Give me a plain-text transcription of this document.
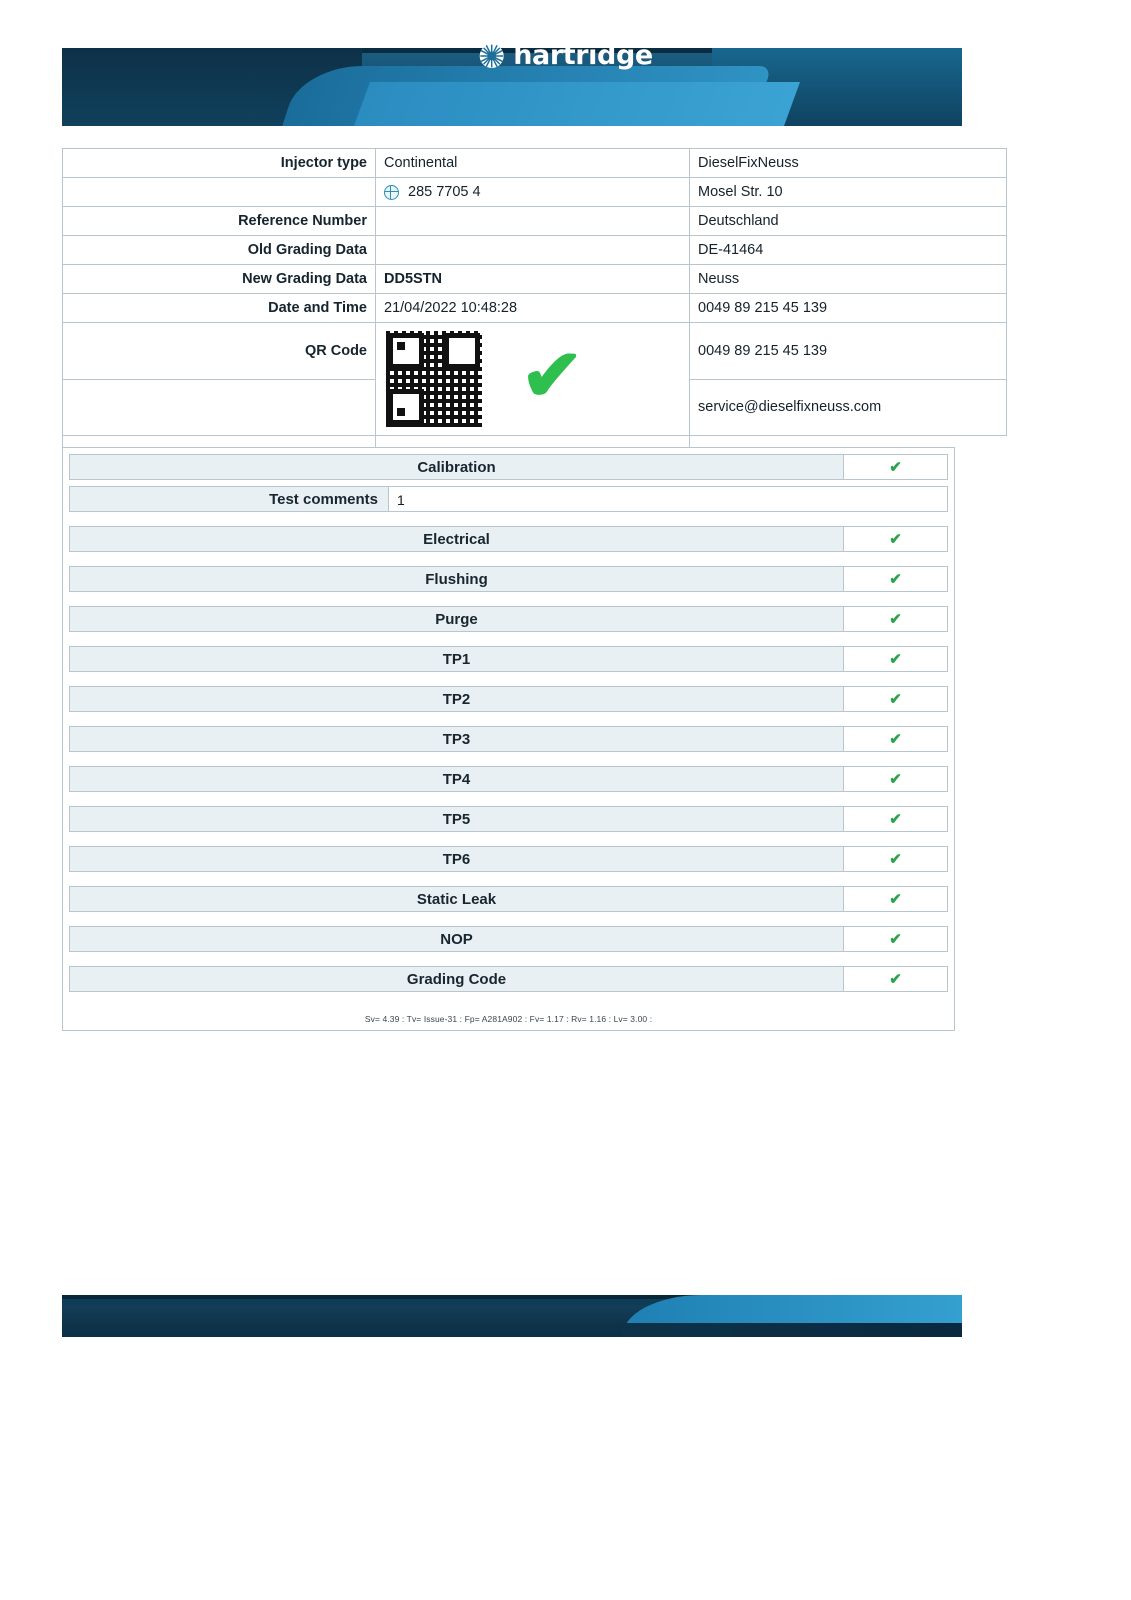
hartridge
Injector type	Continental	DieselFixNeuss

	285 7705 4	Mosel Str. 10
Reference Number		Deutschland
Old Grading Data		DE-41464
New Grading Data	DD5STN	Neuss
Date and Time	21/04/2022 10:48:28	0049 89 215 45 139
QR Code	✔	0049 89 215 45 139
		service@dieselfixneuss.com

Calibration	✔
Test comments	1
Electrical	✔
Flushing	✔
Purge	✔
TP1	✔
TP2	✔
TP3	✔
TP4	✔
TP5	✔
TP6	✔
Static Leak	✔
NOP	✔
Grading Code	✔
Sv= 4.39 : Tv= Issue-31 : Fp= A281A902 : Fv= 1.17 : Rv= 1.16 : Lv= 3.00 :
